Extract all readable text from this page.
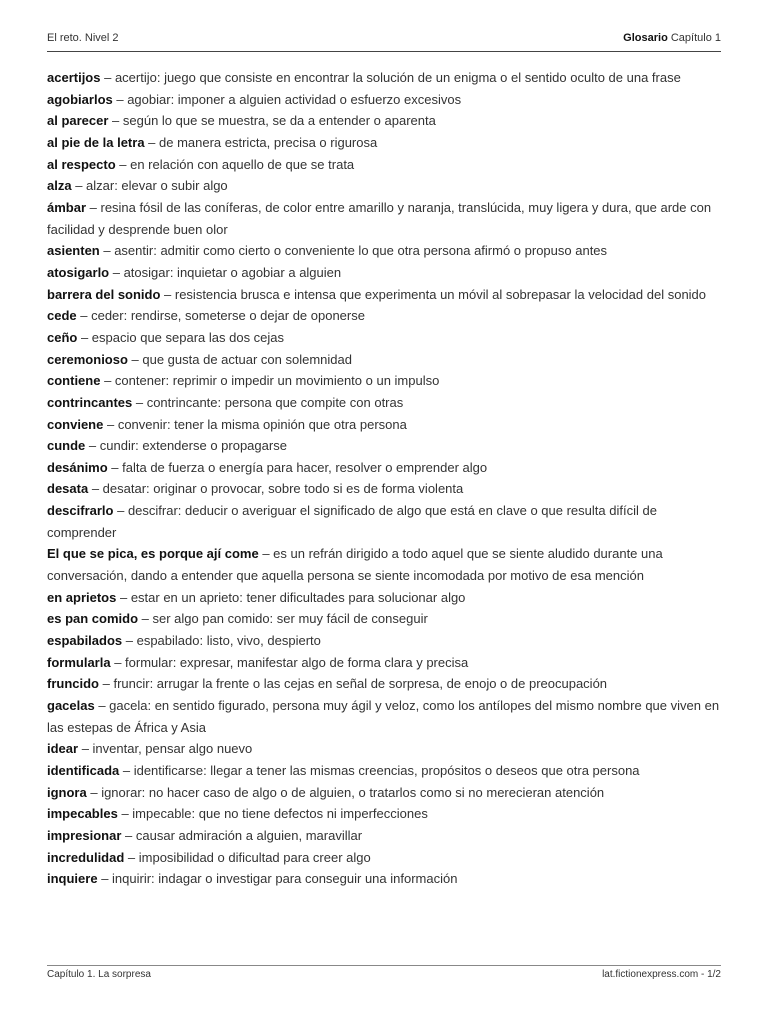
El reto. Nivel 2	Glosario Capítulo 1

acertijos – acertijo: juego que consiste en encontrar la solución de un enigma o el sentido oculto de una frase

agobiarlos – agobiar: imponer a alguien actividad o esfuerzo excesivos

al parecer – según lo que se muestra, se da a entender o aparenta

al pie de la letra – de manera estricta, precisa o rigurosa

al respecto – en relación con aquello de que se trata

alza – alzar: elevar o subir algo

ámbar – resina fósil de las coníferas, de color entre amarillo y naranja, translúcida, muy ligera y dura, que arde con facilidad y desprende buen olor

asienten – asentir: admitir como cierto o conveniente lo que otra persona afirmó o propuso antes

atosigarlo – atosigar: inquietar o agobiar a alguien

barrera del sonido – resistencia brusca e intensa que experimenta un móvil al sobrepasar la velocidad del sonido

cede – ceder: rendirse, someterse o dejar de oponerse

ceño – espacio que separa las dos cejas

ceremonioso – que gusta de actuar con solemnidad

contiene – contener: reprimir o impedir un movimiento o un impulso

contrincantes – contrincante: persona que compite con otras

conviene – convenir: tener la misma opinión que otra persona

cunde – cundir: extenderse o propagarse

desánimo – falta de fuerza o energía para hacer, resolver o emprender algo

desata – desatar: originar o provocar, sobre todo si es de forma violenta

descifrarlo – descifrar: deducir o averiguar el significado de algo que está en clave o que resulta difícil de comprender

El que se pica, es porque ají come – es un refrán dirigido a todo aquel que se siente aludido durante una conversación, dando a entender que aquella persona se siente incomodada por motivo de esa mención

en aprietos – estar en un aprieto: tener dificultades para solucionar algo

es pan comido – ser algo pan comido: ser muy fácil de conseguir

espabilados – espabilado: listo, vivo, despierto

formularla – formular: expresar, manifestar algo de forma clara y precisa

fruncido – fruncir: arrugar la frente o las cejas en señal de sorpresa, de enojo o de preocupación

gacelas – gacela: en sentido figurado, persona muy ágil y veloz, como los antílopes del mismo nombre que viven en las estepas de África y Asia

idear – inventar, pensar algo nuevo

identificada – identificarse: llegar a tener las mismas creencias, propósitos o deseos que otra persona

ignora – ignorar: no hacer caso de algo o de alguien, o tratarlos como si no merecieran atención

impecables – impecable: que no tiene defectos ni imperfecciones

impresionar – causar admiración a alguien, maravillar

incredulidad – imposibilidad o dificultad para creer algo

inquiere – inquirir: indagar o investigar para conseguir una información

Capítulo 1. La sorpresa	lat.fictionexpress.com - 1/2
